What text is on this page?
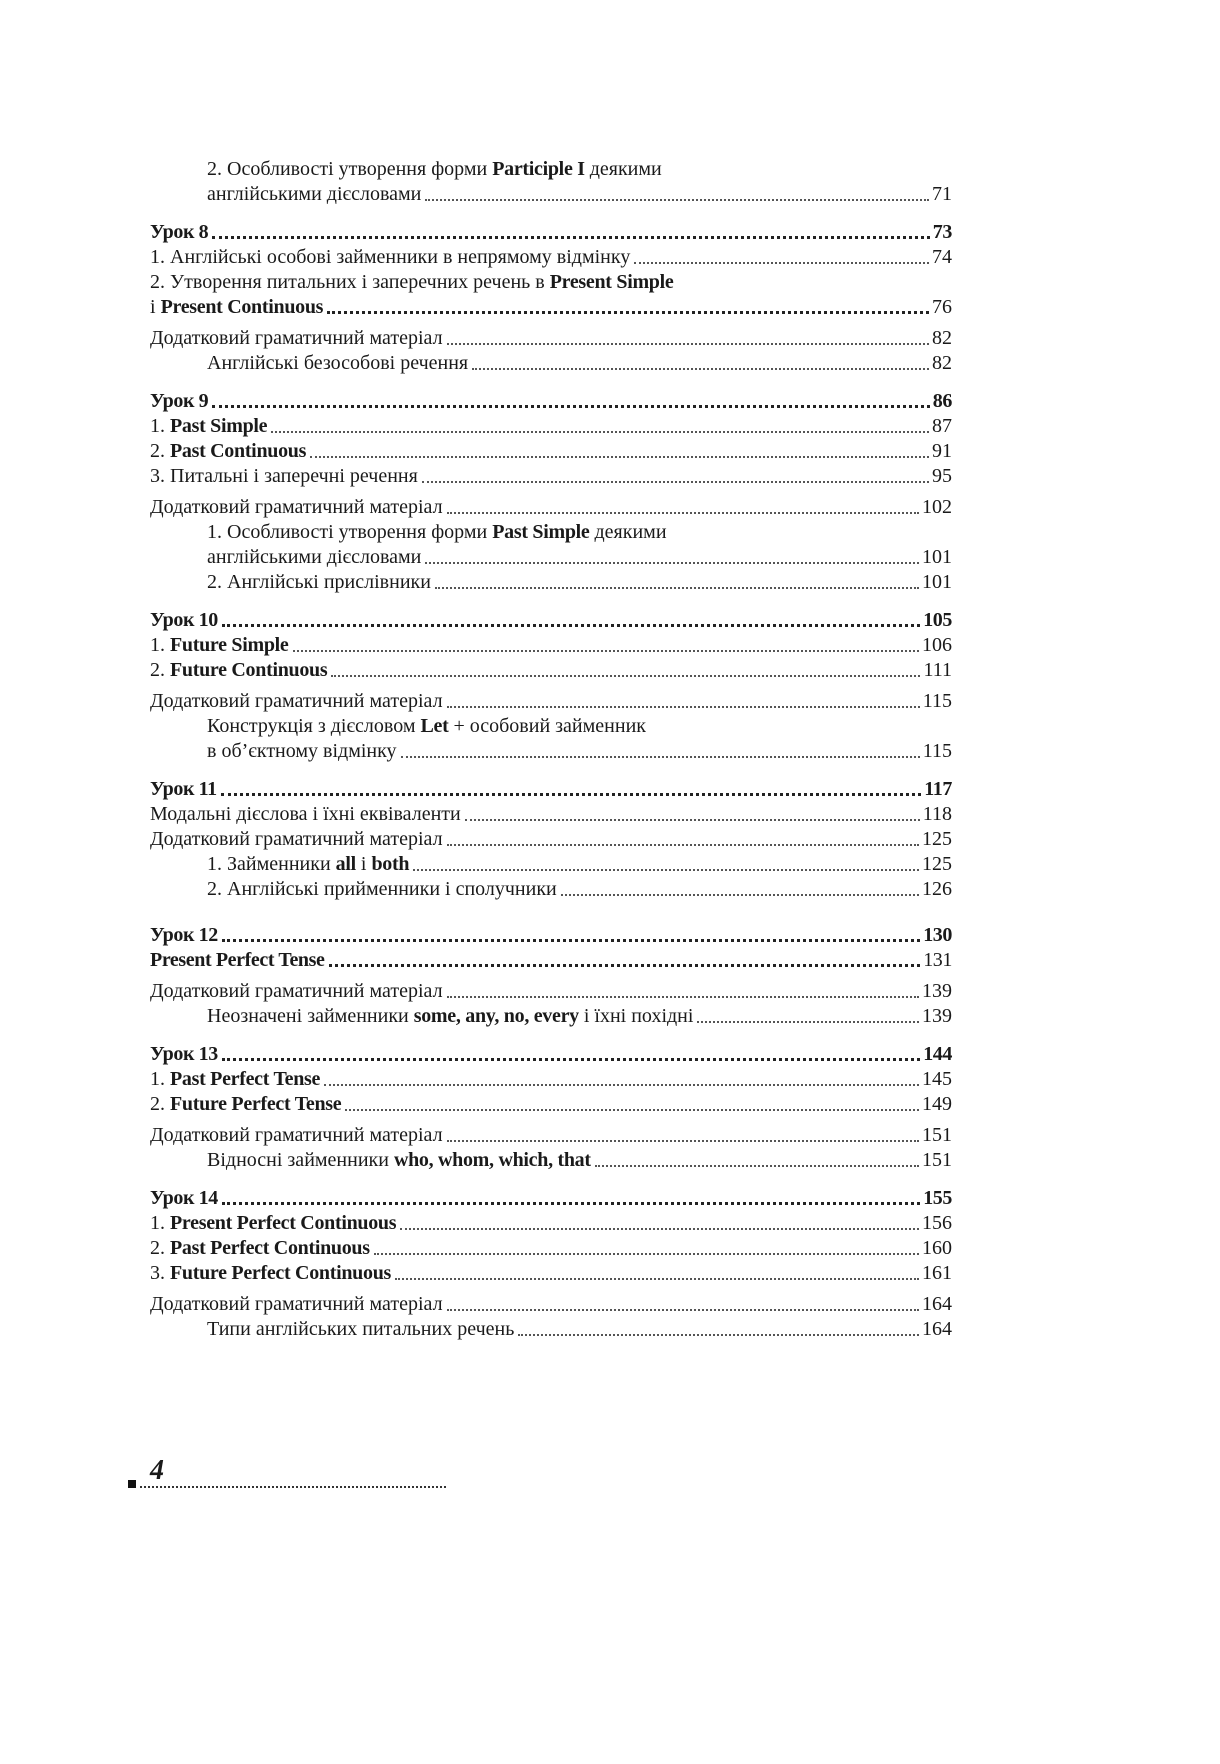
2. Особливості утворення форми Participle I деякими
англійськими дієсловами	71
Урок 8	73
1. Англійські особові займенники в непрямому відмінку	74
2. Утворення питальних і заперечних речень в Present Simple
і Present Continuous	76
Додатковий граматичний матеріал	82
Англійські безособові речення	82
Урок 9	86
1. Past Simple	87
2. Past Continuous	91
3. Питальні і заперечні речення	95
Додатковий граматичний матеріал	102
1. Особливості утворення форми Past Simple деякими
англійськими дієсловами	101
2. Англійські прислівники	101
Урок 10	105
1. Future Simple	106
2. Future Continuous	111
Додатковий граматичний матеріал	115
Конструкція з дієсловом Let + особовий займенник
в об’єктному відмінку	115
Урок 11	117
Модальні дієслова і їхні еквіваленти	118
Додатковий граматичний матеріал	125
1. Займенники all і both	125
2. Англійські прийменники і сполучники	126
Урок 12	130
Present Perfect Tense	131
Додатковий граматичний матеріал	139
Неозначені займенники some, any, no, every і їхні похідні	139
Урок 13	144
1. Past Perfect Tense	145
2. Future Perfect Tense	149
Додатковий граматичний матеріал	151
Відносні займенники who, whom, which, that	151
Урок 14	155
1. Present Perfect Continuous	156
2. Past Perfect Continuous	160
3. Future Perfect Continuous	161
Додатковий граматичний матеріал	164
Типи англійських питальних речень	164
4
